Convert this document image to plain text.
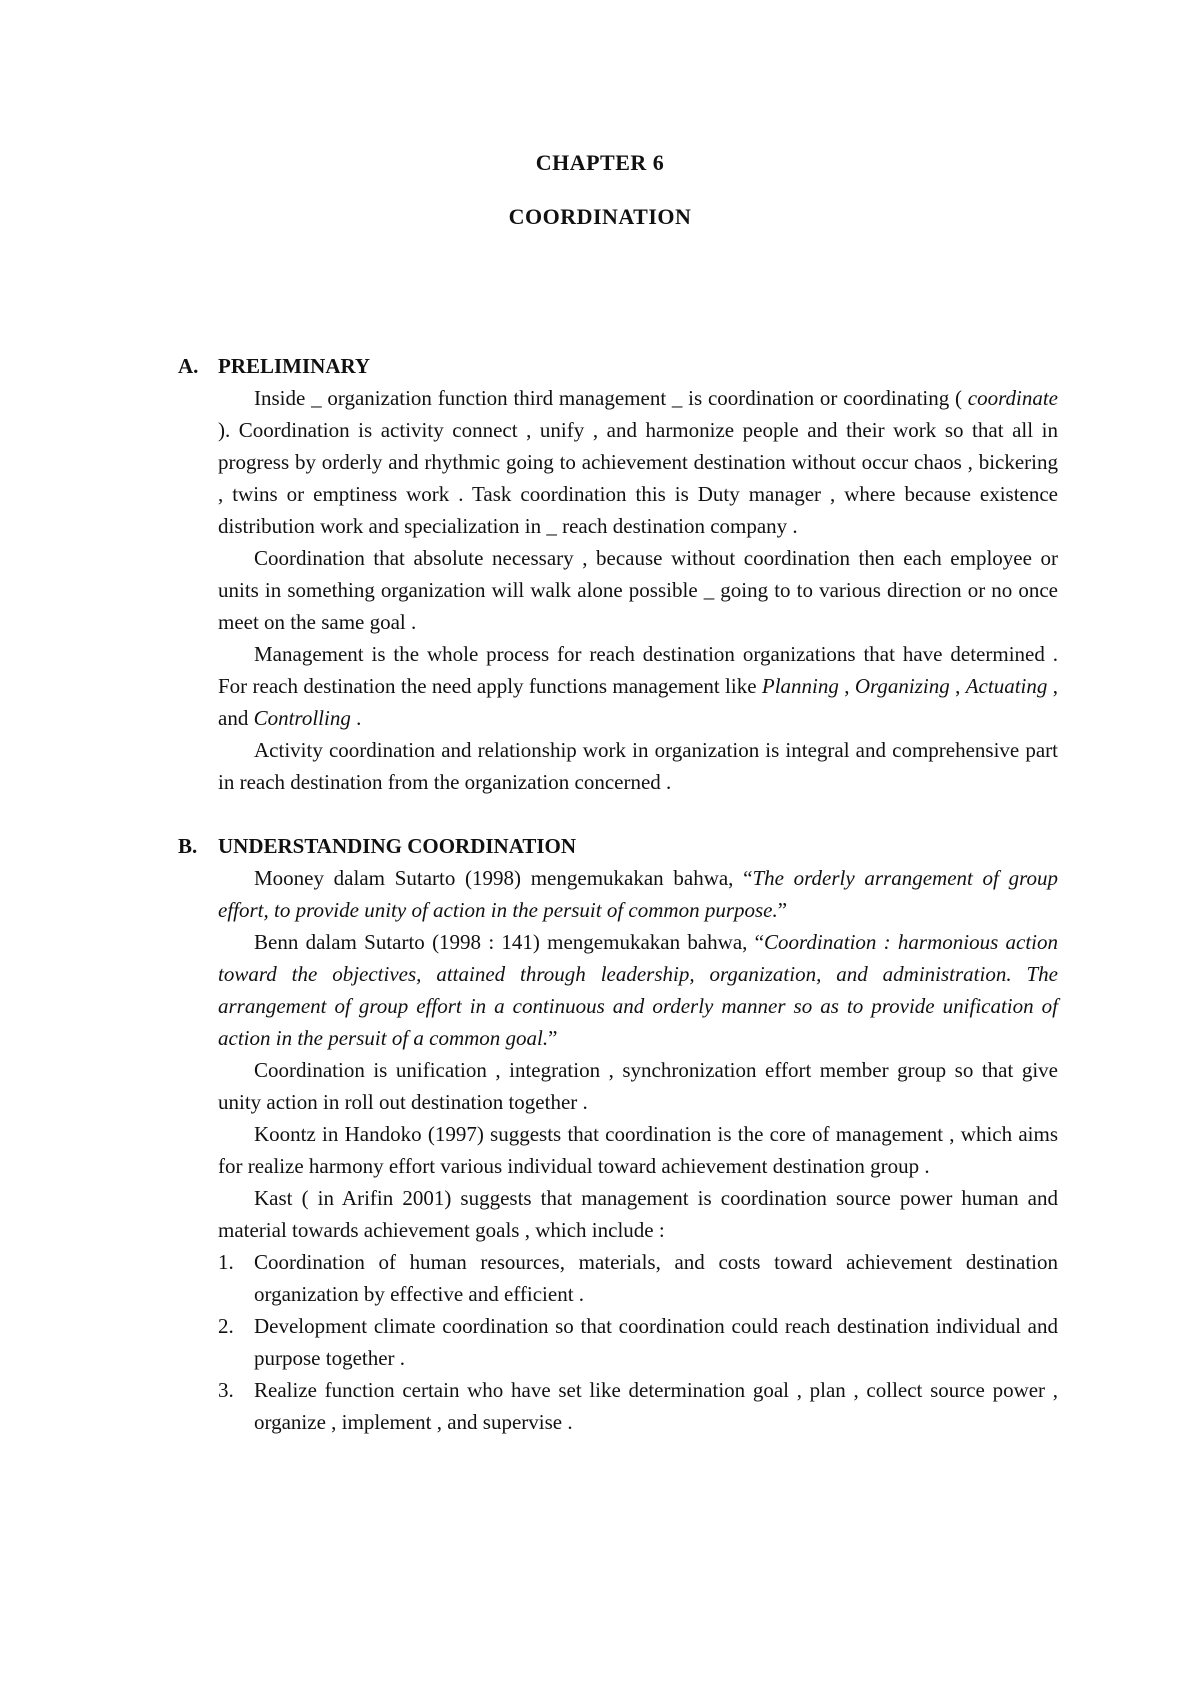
CHAPTER 6
COORDINATION
A. PRELIMINARY

Inside _ organization function third management _ is coordination or coordinating ( coordinate ). Coordination is activity connect , unify , and harmonize people and their work so that all in progress by orderly and rhythmic going to achievement destination without occur chaos , bickering , twins or emptiness work . Task coordination this is Duty manager , where because existence distribution work and specialization in _ reach destination company .

Coordination that absolute necessary , because without coordination then each employee or units in something organization will walk alone possible _ going to to various direction or no once meet on the same goal .

Management is the whole process for reach destination organizations that have determined . For reach destination the need apply functions management like Planning , Organizing , Actuating , and Controlling .

Activity coordination and relationship work in organization is integral and comprehensive part in reach destination from the organization concerned .

B. UNDERSTANDING COORDINATION

Mooney dalam Sutarto (1998) mengemukakan bahwa, “The orderly arrangement of group effort, to provide unity of action in the persuit of common purpose.”

Benn dalam Sutarto (1998 : 141) mengemukakan bahwa, “Coordination : harmonious action toward the objectives, attained through leadership, organization, and administration. The arrangement of group effort in a continuous and orderly manner so as to provide unification of action in the persuit of a common goal.”

Coordination is unification , integration , synchronization effort member group so that give unity action in roll out destination together .

Koontz in Handoko (1997) suggests that coordination is the core of management , which aims for realize harmony effort various individual toward achievement destination group .

Kast ( in Arifin 2001) suggests that management is coordination source power human and material towards achievement goals , which include :

1. Coordination of human resources, materials, and costs toward achievement destination organization by effective and efficient .
2. Development climate coordination so that coordination could reach destination individual and purpose together .
3. Realize function certain who have set like determination goal , plan , collect source power , organize , implement , and supervise .
